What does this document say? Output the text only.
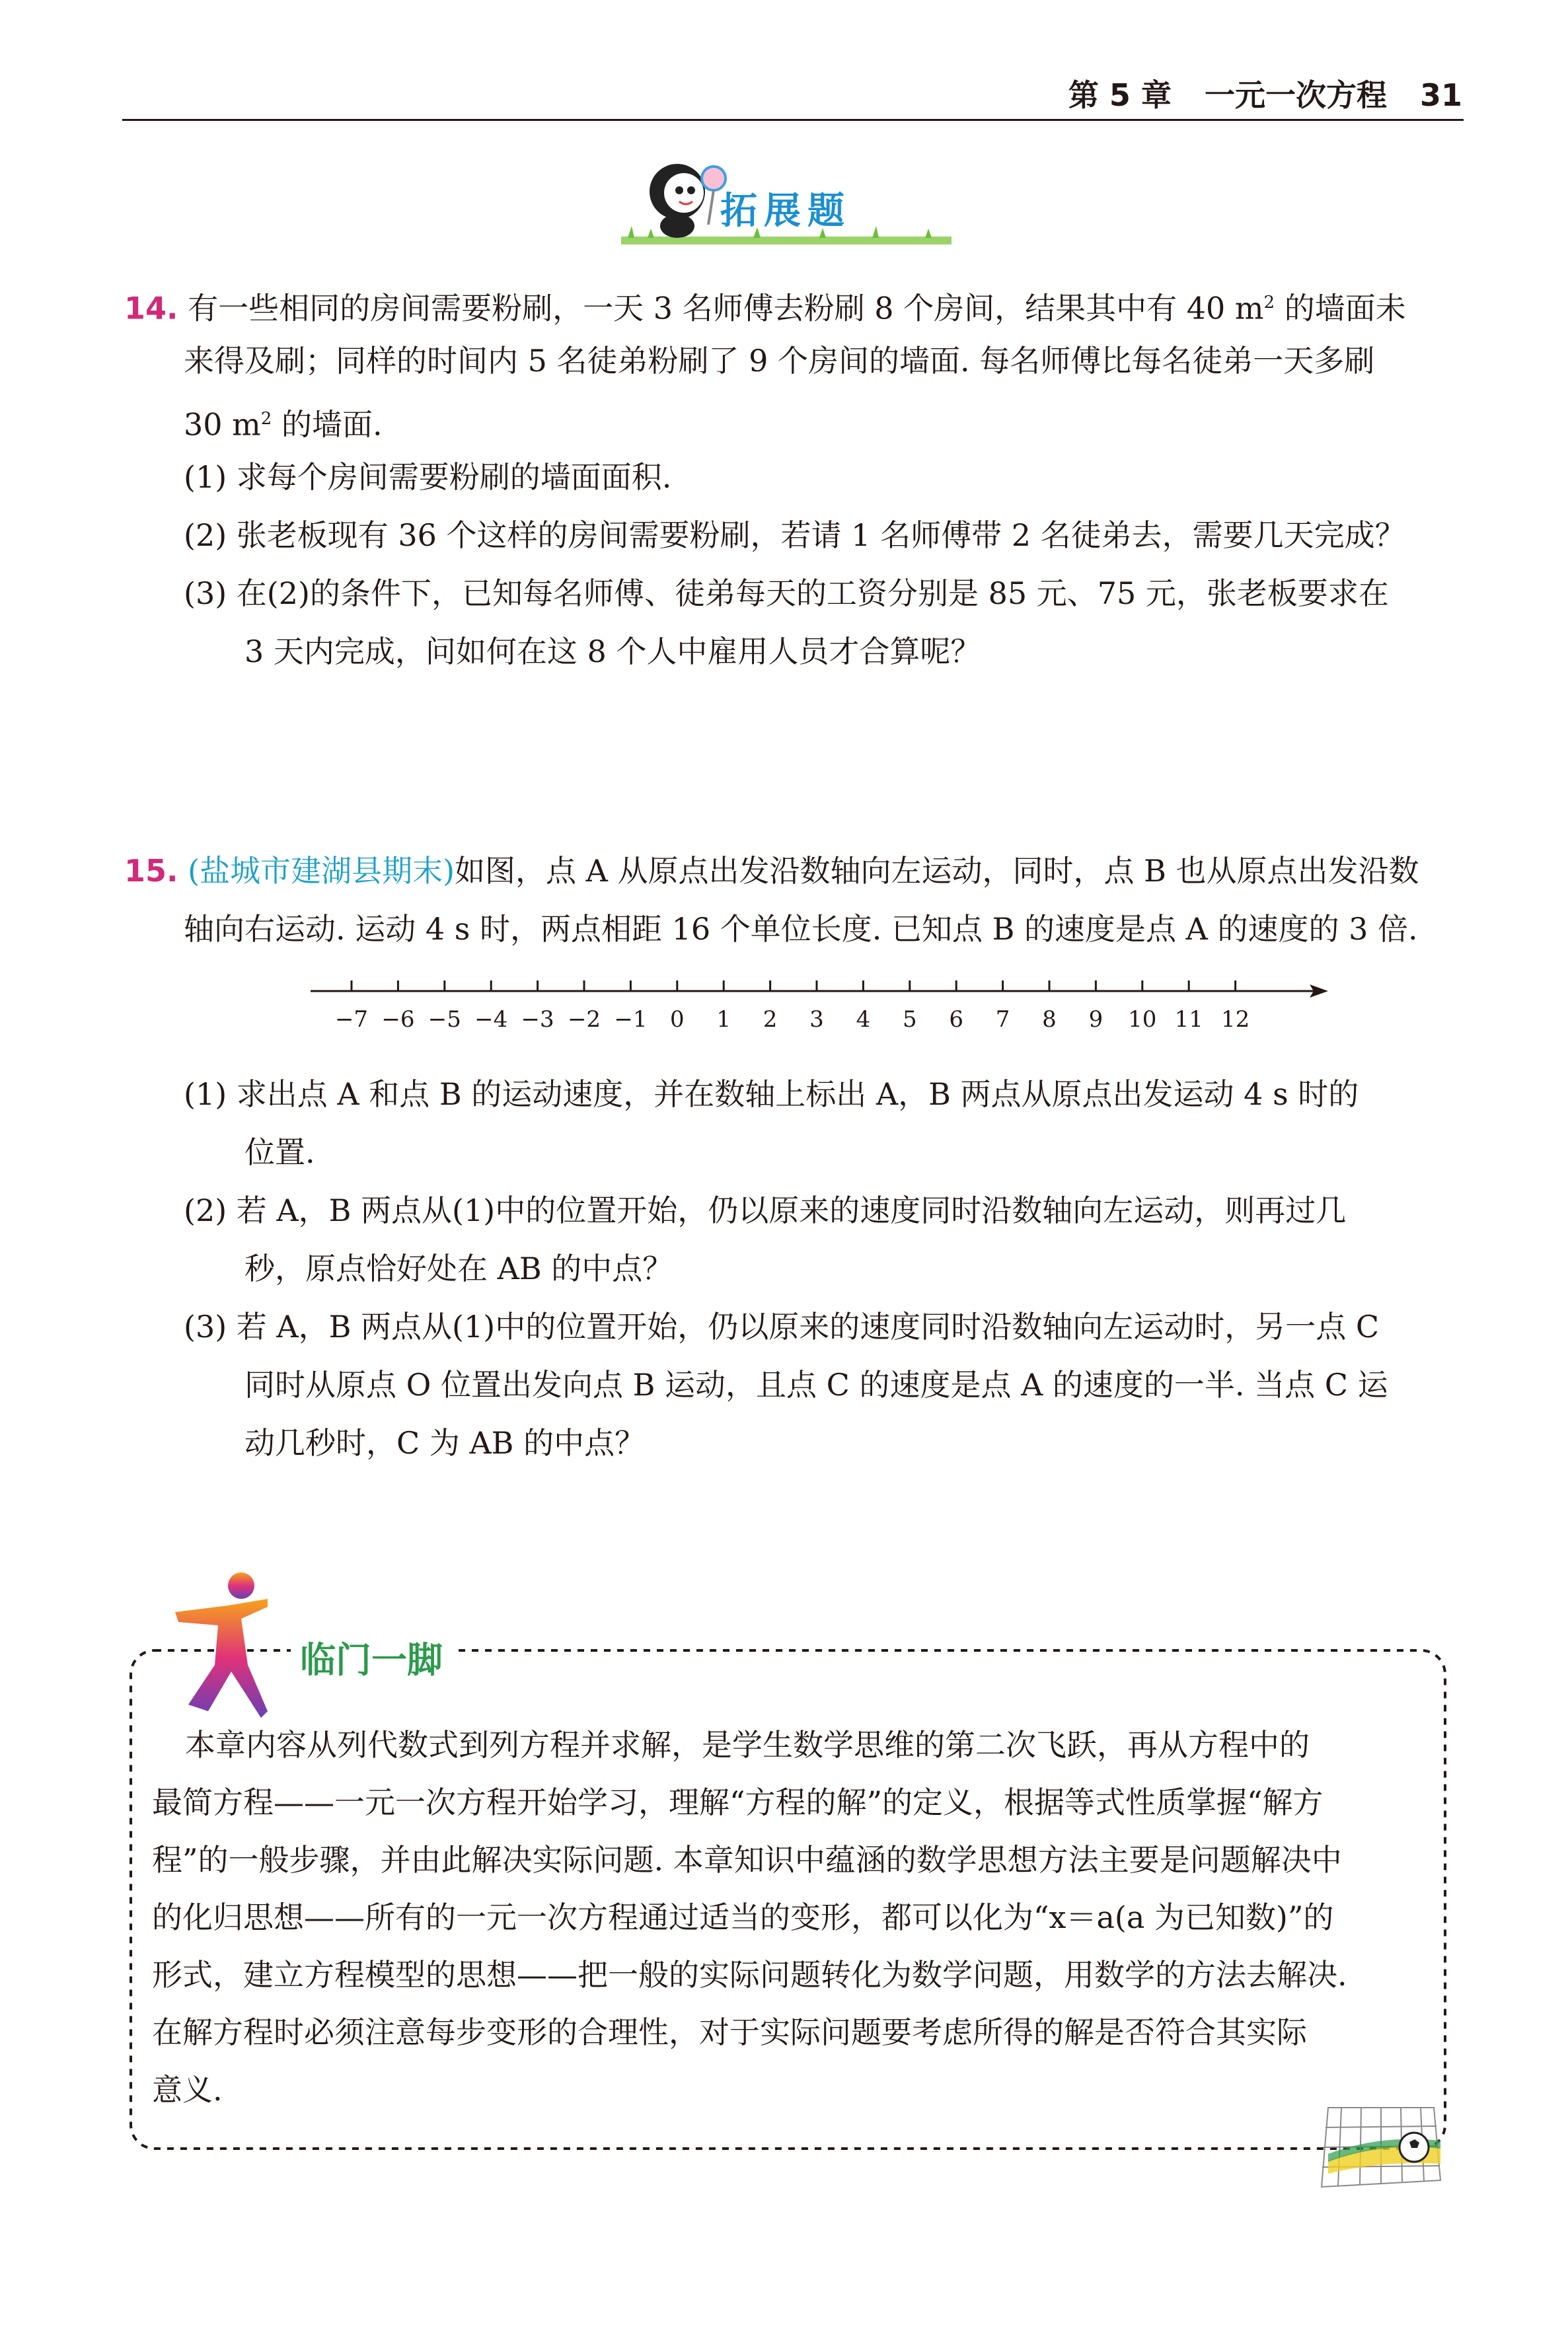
第 5 章 一元一次方程 31
拓展题
14. 有一些相同的房间需要粉刷，一天 3 名师傅去粉刷 8 个房间，结果其中有 40 $m^2$ 的墙面未
来得及刷；同样的时间内 5 名徒弟粉刷了 9 个房间的墙面. 每名师傅比每名徒弟一天多刷
30 $m^2$ 的墙面.
(1) 求每个房间需要粉刷的墙面面积.
(2) 张老板现有 36 个这样的房间需要粉刷，若请 1 名师傅带 2 名徒弟去，需要几天完成？
(3) 在(2)的条件下，已知每名师傅、徒弟每天的工资分别是 85 元、75 元，张老板要求在
3 天内完成，问如何在这 8 个人中雇用人员才合算呢？
15. (盐城市建湖县期末)如图，点 A 从原点出发沿数轴向左运动，同时，点 B 也从原点出发沿数
轴向右运动. 运动 4 s 时，两点相距 16 个单位长度. 已知点 B 的速度是点 A 的速度的 3 倍.
−7 −6 −5 −4 −3 −2 −1 0 1 2 3 4 5 6 7 8 9 10 11 12
(1) 求出点 A 和点 B 的运动速度，并在数轴上标出 A，B 两点从原点出发运动 4 s 时的
位置.
(2) 若 A，B 两点从(1)中的位置开始，仍以原来的速度同时沿数轴向左运动，则再过几
秒，原点恰好处在 AB 的中点？
(3) 若 A，B 两点从(1)中的位置开始，仍以原来的速度同时沿数轴向左运动时，另一点 C
同时从原点 O 位置出发向点 B 运动，且点 C 的速度是点 A 的速度的一半. 当点 C 运
动几秒时，C 为 AB 的中点？
临门一脚
本章内容从列代数式到列方程并求解，是学生数学思维的第二次飞跃，再从方程中的
最简方程——一元一次方程开始学习，理解“方程的解”的定义，根据等式性质掌握“解方
程”的一般步骤，并由此解决实际问题. 本章知识中蕴涵的数学思想方法主要是问题解决中
的化归思想——所有的一元一次方程通过适当的变形，都可以化为“x＝a(a 为已知数)”的
形式，建立方程模型的思想——把一般的实际问题转化为数学问题，用数学的方法去解决.
在解方程时必须注意每步变形的合理性，对于实际问题要考虑所得的解是否符合其实际
意义.
